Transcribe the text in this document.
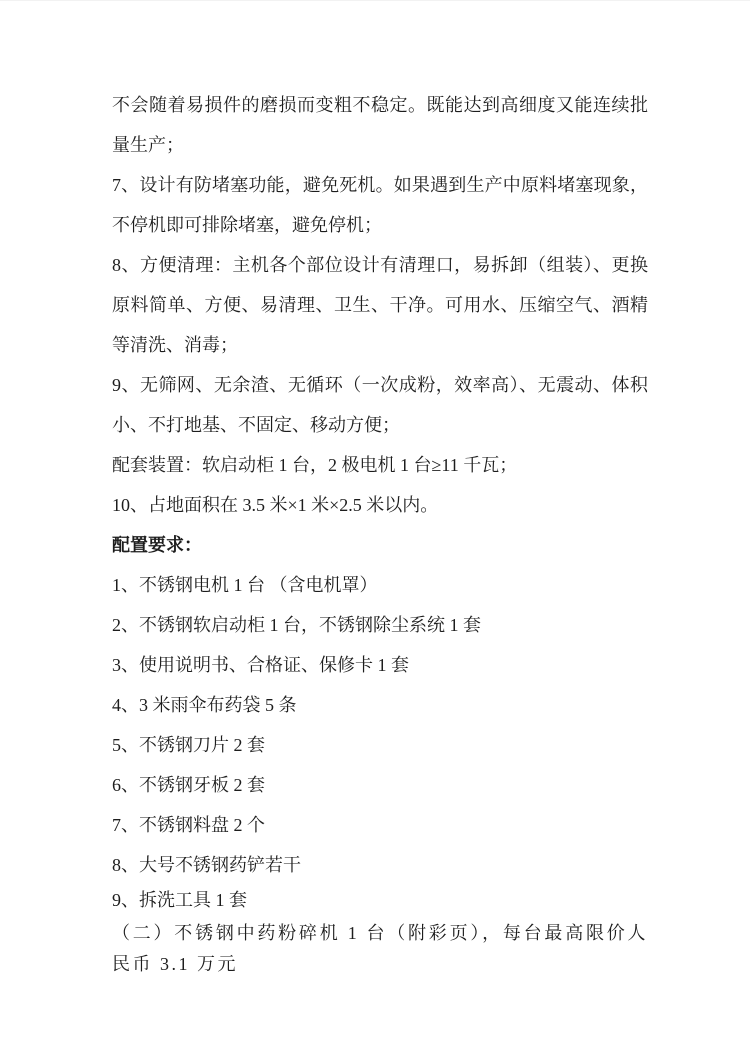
不会随着易损件的磨损而变粗不稳定。既能达到高细度又能连续批量生产；

7、设计有防堵塞功能，避免死机。如果遇到生产中原料堵塞现象，不停机即可排除堵塞，避免停机；

8、方便清理：主机各个部位设计有清理口，易拆卸（组装）、更换原料简单、方便、易清理、卫生、干净。可用水、压缩空气、酒精等清洗、消毒；

9、无筛网、无余渣、无循环（一次成粉，效率高）、无震动、体积小、不打地基、不固定、移动方便；

配套装置：软启动柜 1 台，2 极电机 1 台≥11 千瓦；

10、占地面积在 3.5 米×1 米×2.5 米以内。

配置要求：

1、不锈钢电机 1 台 （含电机罩）

2、不锈钢软启动柜 1 台，不锈钢除尘系统 1 套

3、使用说明书、合格证、保修卡 1 套

4、3 米雨伞布药袋 5 条

5、不锈钢刀片 2 套

6、不锈钢牙板 2 套

7、不锈钢料盘 2 个

8、大号不锈钢药铲若干

9、拆洗工具 1 套

（二）不锈钢中药粉碎机 1 台（附彩页），每台最高限价人民币 3.1 万元
